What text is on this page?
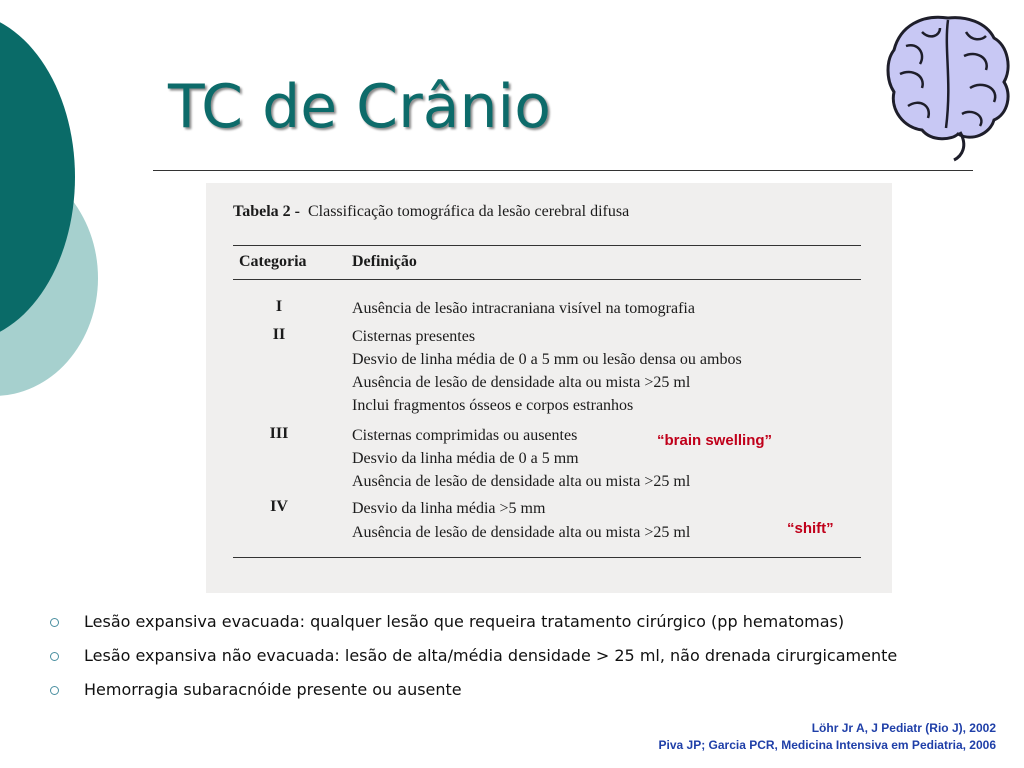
TC de Crânio
Tabela 2 - Classificação tomográfica da lesão cerebral difusa
Categoria	Definição
I	Ausência de lesão intracraniana visível na tomografia
II	Cisternas presentes
Desvio de linha média de 0 a 5 mm ou lesão densa ou ambos
Ausência de lesão de densidade alta ou mista >25 ml
Inclui fragmentos ósseos e corpos estranhos
III	Cisternas comprimidas ou ausentes
Desvio da linha média de 0 a 5 mm
Ausência de lesão de densidade alta ou mista >25 ml
IV	Desvio da linha média >5 mm
Ausência de lesão de densidade alta ou mista >25 ml
“brain swelling”
“shift”
Lesão expansiva evacuada: qualquer lesão que requeira tratamento cirúrgico (pp hematomas)
Lesão expansiva não evacuada: lesão de alta/média densidade > 25 ml, não drenada cirurgicamente
Hemorragia subaracnóide presente ou ausente
Löhr Jr A, J Pediatr (Rio J), 2002
Piva JP; Garcia PCR, Medicina Intensiva em Pediatria, 2006
